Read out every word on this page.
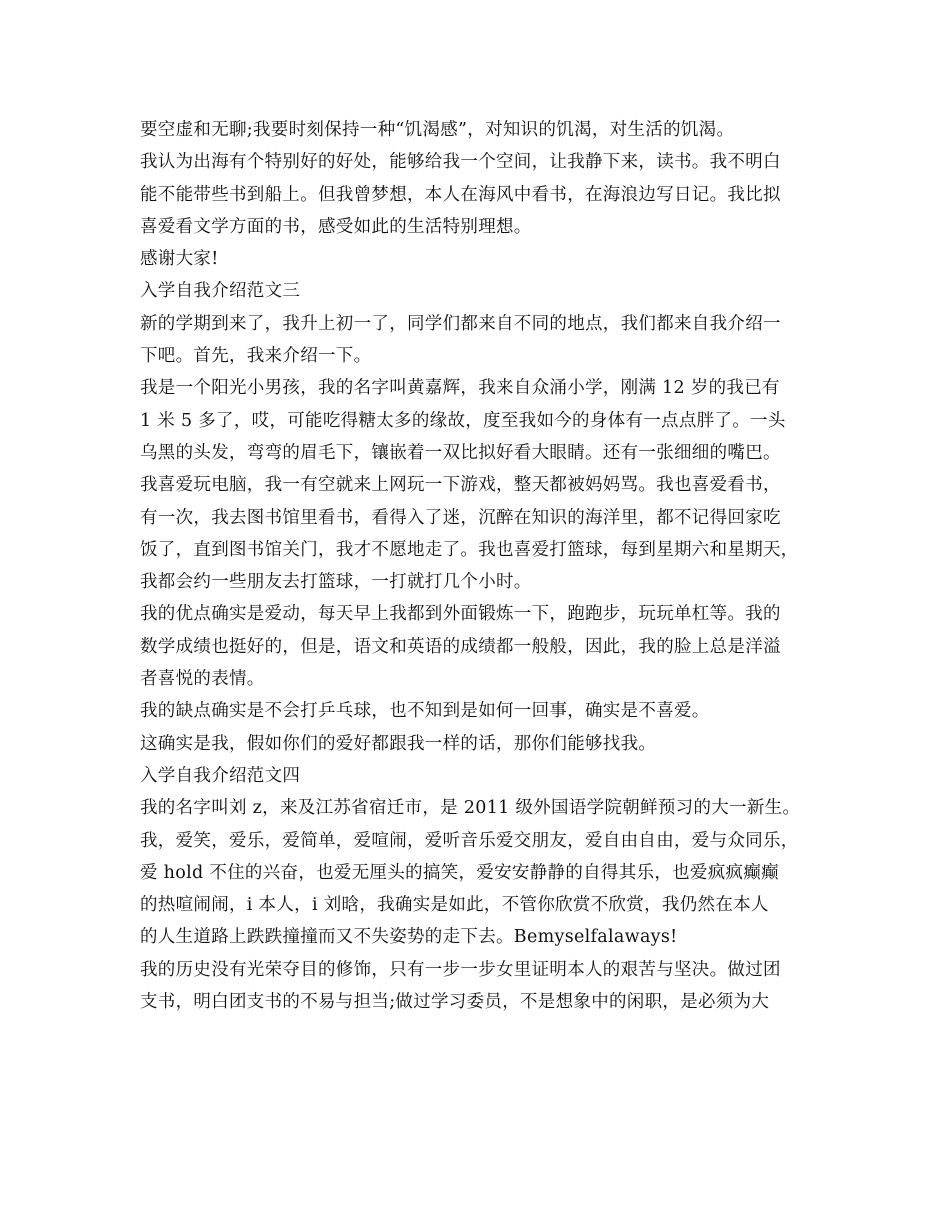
要空虚和无聊;我要时刻保持一种“饥渴感”，对知识的饥渴，对生活的饥渴。
我认为出海有个特别好的好处，能够给我一个空间，让我静下来，读书。我不明白
能不能带些书到船上。但我曾梦想，本人在海风中看书，在海浪边写日记。我比拟
喜爱看文学方面的书，感受如此的生活特别理想。
感谢大家!
入学自我介绍范文三
新的学期到来了，我升上初一了，同学们都来自不同的地点，我们都来自我介绍一
下吧。首先，我来介绍一下。
我是一个阳光小男孩，我的名字叫黄嘉辉，我来自众涌小学，刚满 12 岁的我已有
1 米 5 多了，哎，可能吃得糖太多的缘故，度至我如今的身体有一点点胖了。一头
乌黑的头发，弯弯的眉毛下，镶嵌着一双比拟好看大眼睛。还有一张细细的嘴巴。
我喜爱玩电脑，我一有空就来上网玩一下游戏，整天都被妈妈骂。我也喜爱看书，
有一次，我去图书馆里看书，看得入了迷，沉醉在知识的海洋里，都不记得回家吃
饭了，直到图书馆关门，我才不愿地走了。我也喜爱打篮球，每到星期六和星期天，
我都会约一些朋友去打篮球，一打就打几个小时。
我的优点确实是爱动，每天早上我都到外面锻炼一下，跑跑步，玩玩单杠等。我的
数学成绩也挺好的，但是，语文和英语的成绩都一般般，因此，我的脸上总是洋溢
者喜悦的表情。
我的缺点确实是不会打乒乓球，也不知到是如何一回事，确实是不喜爱。
这确实是我，假如你们的爱好都跟我一样的话，那你们能够找我。
入学自我介绍范文四
我的名字叫刘 z，来及江苏省宿迁市，是 2011 级外国语学院朝鲜预习的大一新生。
我，爱笑，爱乐，爱简单，爱喧闹，爱听音乐爱交朋友，爱自由自由，爱与众同乐，
爱 hold 不住的兴奋，也爱无厘头的搞笑，爱安安静静的自得其乐，也爱疯疯癫癫
的热喧闹闹，i 本人，i 刘晗，我确实是如此，不管你欣赏不欣赏，我仍然在本人
的人生道路上跌跌撞撞而又不失姿势的走下去。Bemyselfalaways!
我的历史没有光荣夺目的修饰，只有一步一步女里证明本人的艰苦与坚决。做过团
支书，明白团支书的不易与担当;做过学习委员，不是想象中的闲职，是必须为大
